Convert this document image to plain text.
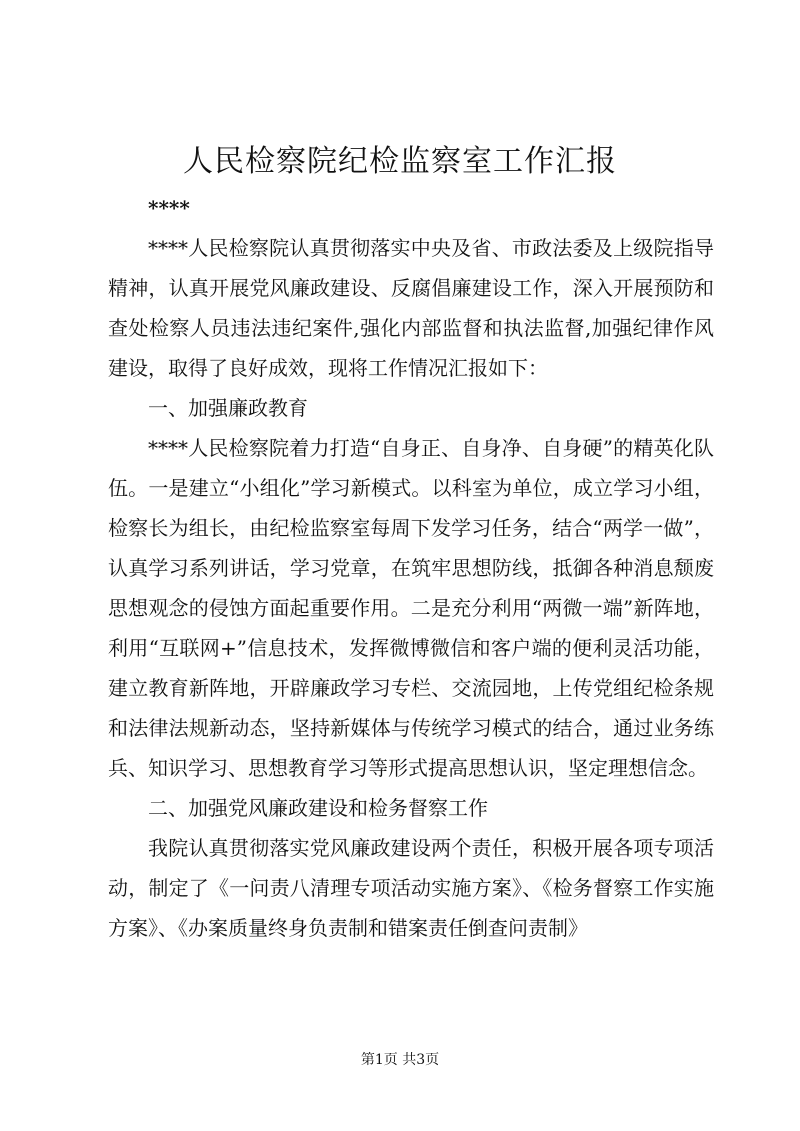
人民检察院纪检监察室工作汇报

****

****人民检察院认真贯彻落实中央及省、市政法委及上级院指导精神，认真开展党风廉政建设、反腐倡廉建设工作，深入开展预防和查处检察人员违法违纪案件,强化内部监督和执法监督,加强纪律作风建设，取得了良好成效，现将工作情况汇报如下：

一、加强廉政教育

****人民检察院着力打造“自身正、自身净、自身硬”的精英化队伍。一是建立“小组化”学习新模式。以科室为单位，成立学习小组，检察长为组长，由纪检监察室每周下发学习任务，结合“两学一做”，认真学习系列讲话，学习党章，在筑牢思想防线，抵御各种消息颓废思想观念的侵蚀方面起重要作用。二是充分利用“两微一端”新阵地，利用“互联网+”信息技术，发挥微博微信和客户端的便利灵活功能，建立教育新阵地，开辟廉政学习专栏、交流园地，上传党组纪检条规和法律法规新动态，坚持新媒体与传统学习模式的结合，通过业务练兵、知识学习、思想教育学习等形式提高思想认识，坚定理想信念。

二、加强党风廉政建设和检务督察工作

我院认真贯彻落实党风廉政建设两个责任，积极开展各项专项活动，制定了《一问责八清理专项活动实施方案》、《检务督察工作实施方案》、《办案质量终身负责制和错案责任倒查问责制》

第1页 共3页
